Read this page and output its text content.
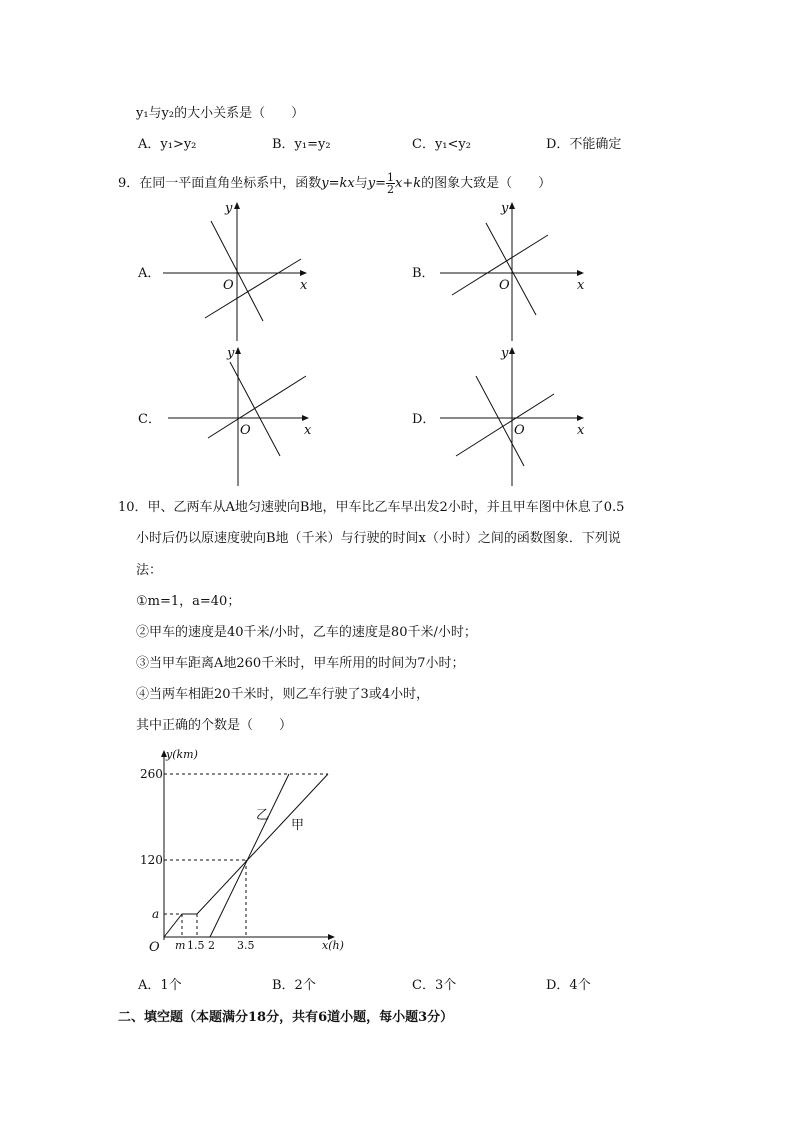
y₁与y₂的大小关系是（　　）
A．y₁>y₂	B．y₁=y₂	C．y₁<y₂	D．不能确定
9．在同一平面直角坐标系中，函数y=kx与$y= \frac{1}{2} x+k$的图象大致是（　　）
A．
O	x
y
B．
O	x
y
C．
O	x
y
D．
O	x
y
10．甲、乙两车从A地匀速驶向B地，甲车比乙车早出发2小时，并且甲车图中休息了0.5
小时后仍以原速度驶向B地（千米）与行驶的时间x（小时）之间的函数图象．下列说
法：
①m=1，a=40；
②甲车的速度是40千米/小时，乙车的速度是80千米/小时；
③当甲车距离A地260千米时，甲车所用的时间为7小时；
④当两车相距20千米时，则乙车行驶了3或4小时，
其中正确的个数是（　　）
y(km)
x(h)
O
260
120
a
m 1.5 2 3.5
乙
甲
A．1个	B．2个	C．3个	D．4个
二、填空题（本题满分18分，共有6道小题，每小题3分）
